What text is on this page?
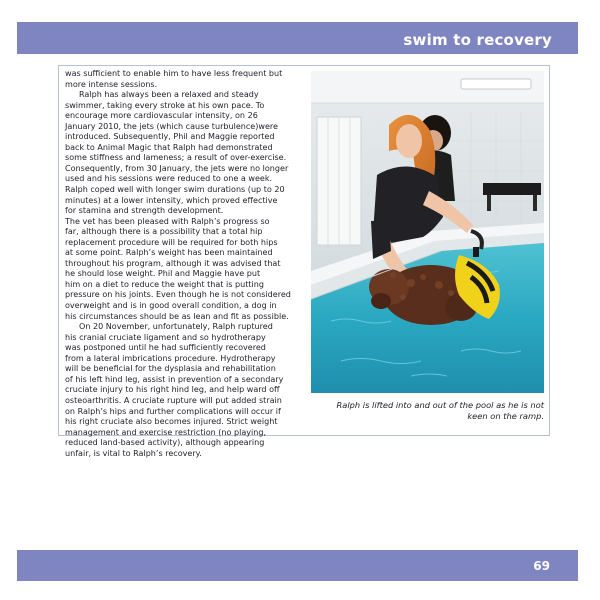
swim to recovery
was sufficient to enable him to have less frequent but
more intense sessions.
Ralph has always been a relaxed and steady
swimmer, taking every stroke at his own pace. To
encourage more cardiovascular intensity, on 26
January 2010, the jets (which cause turbulence)were
introduced. Subsequently, Phil and Maggie reported
back to Animal Magic that Ralph had demonstrated
some stiffness and lameness; a result of over-exercise.
Consequently, from 30 January, the jets were no longer
used and his sessions were reduced to one a week.
Ralph coped well with longer swim durations (up to 20
minutes) at a lower intensity, which proved effective
for stamina and strength development.
The vet has been pleased with Ralph’s progress so
far, although there is a possibility that a total hip
replacement procedure will be required for both hips
at some point. Ralph’s weight has been maintained
throughout his program, although it was advised that
he should lose weight. Phil and Maggie have put
him on a diet to reduce the weight that is putting
pressure on his joints. Even though he is not considered
overweight and is in good overall condition, a dog in
his circumstances should be as lean and fit as possible.
On 20 November, unfortunately, Ralph ruptured
his cranial cruciate ligament and so hydrotherapy
was postponed until he had sufficiently recovered
from a lateral imbrications procedure. Hydrotherapy
will be beneficial for the dysplasia and rehabilitation
of his left hind leg, assist in prevention of a secondary
cruciate injury to his right hind leg, and help ward off
osteoarthritis. A cruciate rupture will put added strain
on Ralph’s hips and further complications will occur if
his right cruciate also becomes injured. Strict weight
management and exercise restriction (no playing,
reduced land-based activity), although appearing
unfair, is vital to Ralph’s recovery.
Ralph is lifted into and out of the pool as he is not
keen on the ramp.
69
